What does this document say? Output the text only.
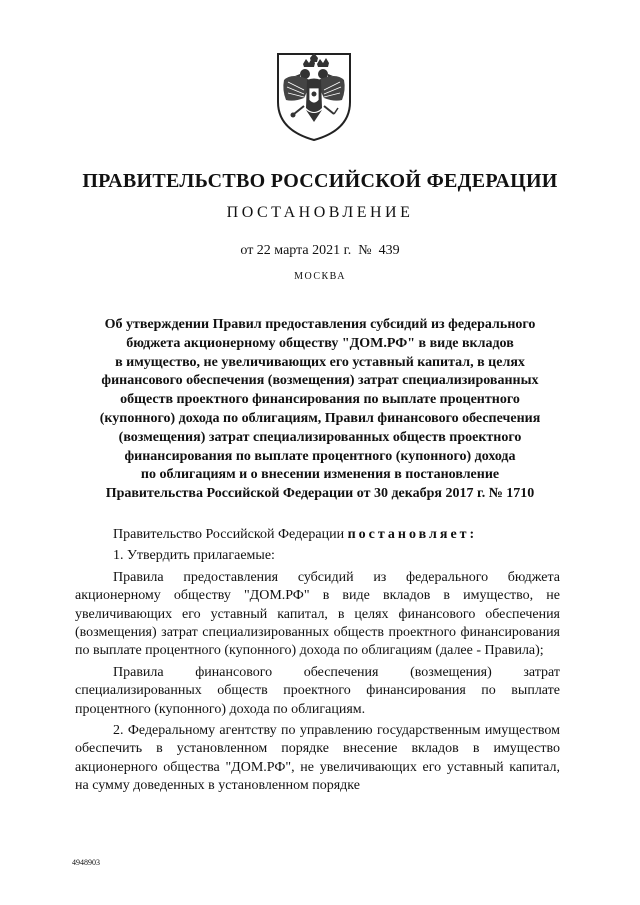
ПРАВИТЕЛЬСТВО РОССИЙСКОЙ ФЕДЕРАЦИИ
ПОСТАНОВЛЕНИЕ
от 22 марта 2021 г.  №  439
МОСКВА
Об утверждении Правил предоставления субсидий из федерального
бюджета акционерному обществу "ДОМ.РФ" в виде вкладов
в имущество, не увеличивающих его уставный капитал, в целях
финансового обеспечения (возмещения) затрат специализированных
обществ проектного финансирования по выплате процентного
(купонного) дохода по облигациям, Правил финансового обеспечения
(возмещения) затрат специализированных обществ проектного
финансирования по выплате процентного (купонного) дохода
по облигациям и о внесении изменения в постановление
Правительства Российской Федерации от 30 декабря 2017 г. № 1710

Правительство Российской Федерации постановляет:

1. Утвердить прилагаемые:

Правила предоставления субсидий из федерального бюджета акционерному обществу "ДОМ.РФ" в виде вкладов в имущество, не увеличивающих его уставный капитал, в целях финансового обеспечения (возмещения) затрат специализированных обществ проектного финансирования по выплате процентного (купонного) дохода по облигациям (далее - Правила);

Правила финансового обеспечения (возмещения) затрат специализированных обществ проектного финансирования по выплате процентного (купонного) дохода по облигациям.

2. Федеральному агентству по управлению государственным имуществом обеспечить в установленном порядке внесение вкладов в имущество акционерного общества "ДОМ.РФ", не увеличивающих его уставный капитал, на сумму доведенных в установленном порядке

4948903
